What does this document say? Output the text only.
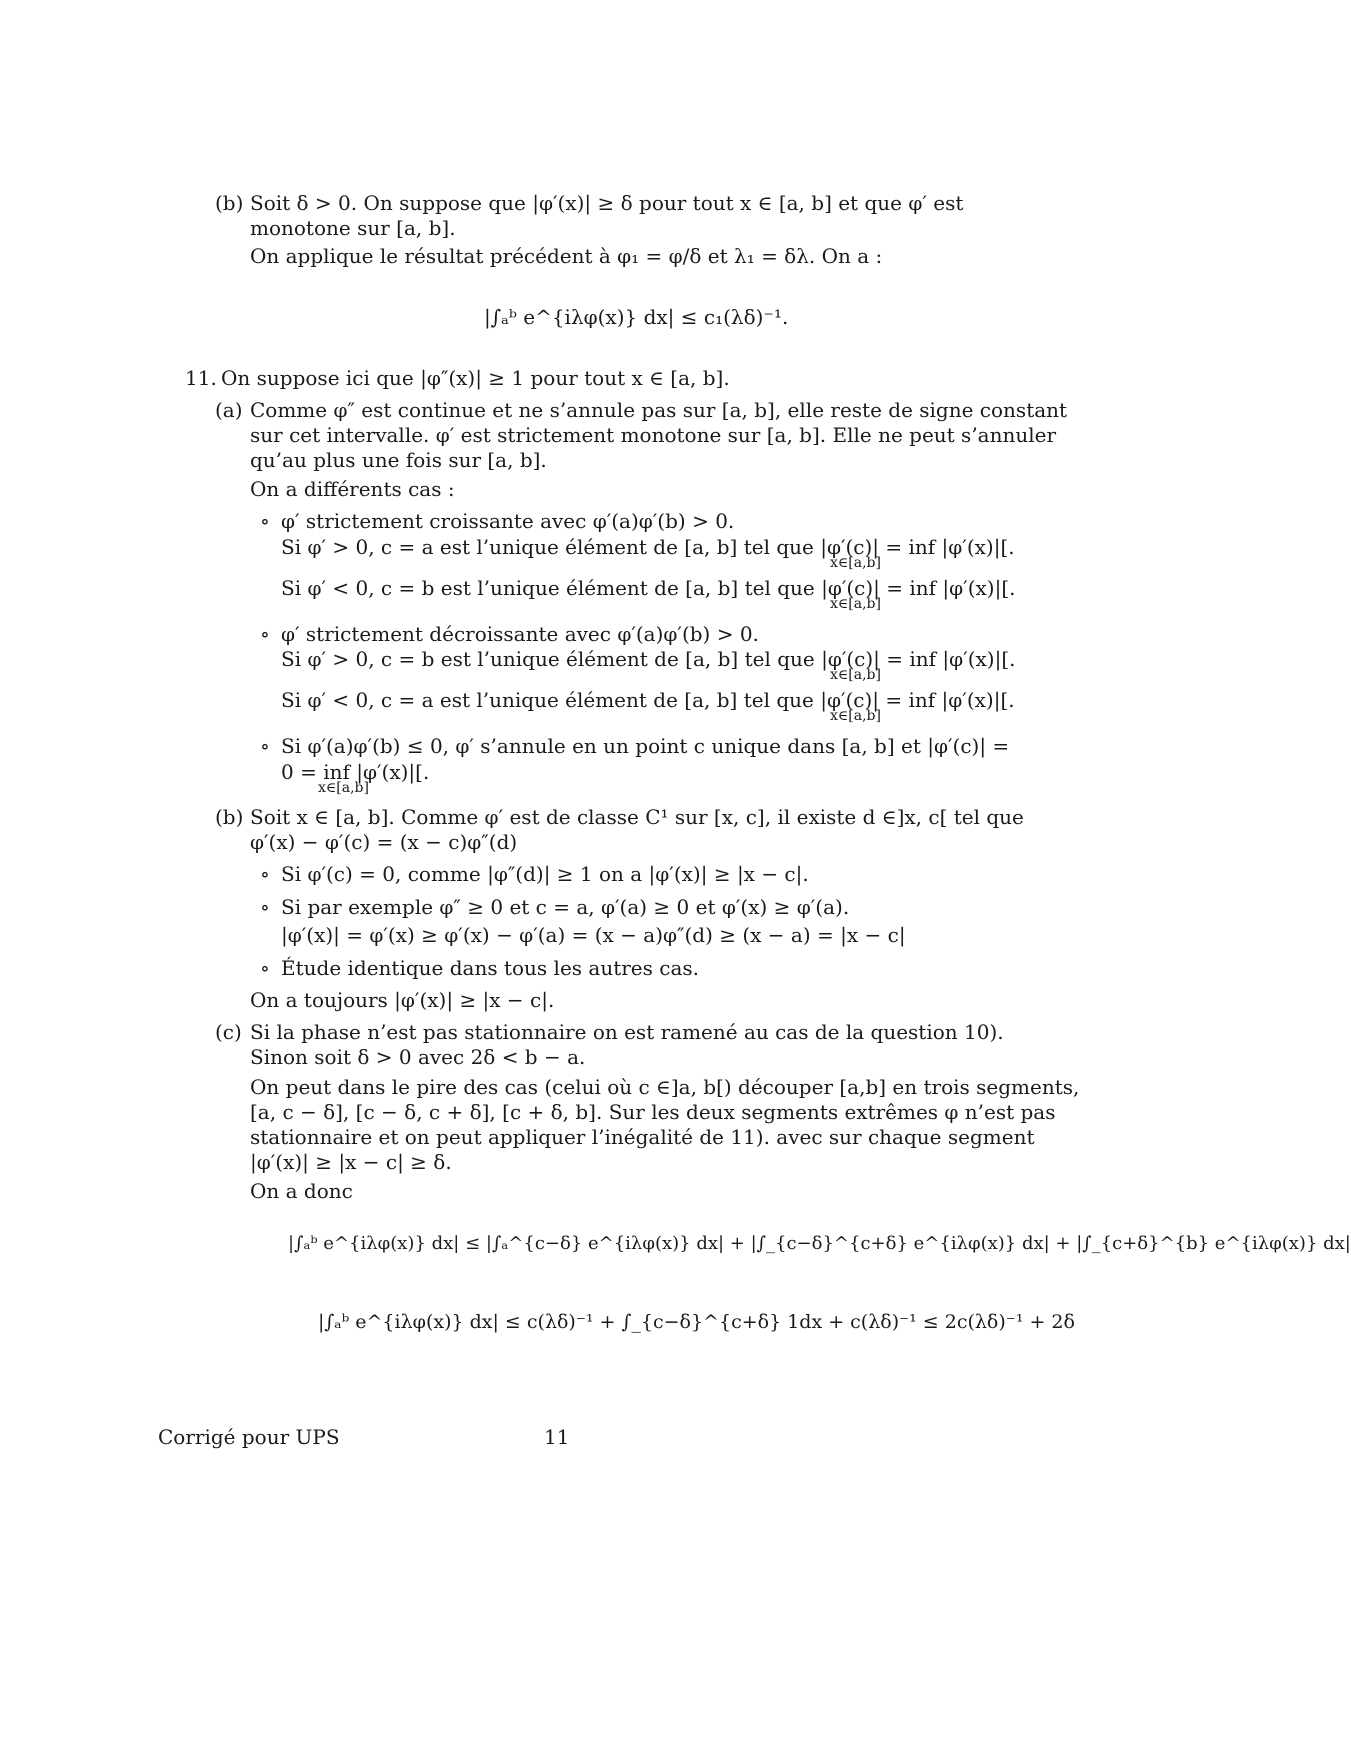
(b) Soit δ > 0. On suppose que |φ′(x)| ≥ δ pour tout x ∈ [a, b] et que φ′ est
monotone sur [a, b].
On applique le résultat précédent à φ₁ = φ/δ et λ₁ = δλ. On a :
|∫ₐᵇ e^{iλφ(x)} dx| ≤ c₁(λδ)⁻¹.
11. On suppose ici que |φ″(x)| ≥ 1 pour tout x ∈ [a, b].
(a) Comme φ″ est continue et ne s’annule pas sur [a, b], elle reste de signe constant
sur cet intervalle. φ′ est strictement monotone sur [a, b]. Elle ne peut s’annuler
qu’au plus une fois sur [a, b].
On a différents cas :
∘ φ′ strictement croissante avec φ′(a)φ′(b) > 0.
Si φ′ > 0, c = a est l’unique élément de [a, b] tel que |φ′(c)| = inf |φ′(x)|[.
x∈[a,b]
Si φ′ < 0, c = b est l’unique élément de [a, b] tel que |φ′(c)| = inf |φ′(x)|[.
x∈[a,b]
∘ φ′ strictement décroissante avec φ′(a)φ′(b) > 0.
Si φ′ > 0, c = b est l’unique élément de [a, b] tel que |φ′(c)| = inf |φ′(x)|[.
x∈[a,b]
Si φ′ < 0, c = a est l’unique élément de [a, b] tel que |φ′(c)| = inf |φ′(x)|[.
x∈[a,b]
∘ Si φ′(a)φ′(b) ≤ 0, φ′ s’annule en un point c unique dans [a, b] et |φ′(c)| =
0 = inf |φ′(x)|[.
x∈[a,b]
(b) Soit x ∈ [a, b]. Comme φ′ est de classe C¹ sur [x, c], il existe d ∈]x, c[ tel que
φ′(x) − φ′(c) = (x − c)φ″(d)
∘ Si φ′(c) = 0, comme |φ″(d)| ≥ 1 on a |φ′(x)| ≥ |x − c|.
∘ Si par exemple φ″ ≥ 0 et c = a, φ′(a) ≥ 0 et φ′(x) ≥ φ′(a).
|φ′(x)| = φ′(x) ≥ φ′(x) − φ′(a) = (x − a)φ″(d) ≥ (x − a) = |x − c|
∘ Étude identique dans tous les autres cas.
On a toujours |φ′(x)| ≥ |x − c|.
(c) Si la phase n’est pas stationnaire on est ramené au cas de la question 10).
Sinon soit δ > 0 avec 2δ < b − a.
On peut dans le pire des cas (celui où c ∈]a, b[) découper [a,b] en trois segments,
[a, c − δ], [c − δ, c + δ], [c + δ, b]. Sur les deux segments extrêmes φ n’est pas
stationnaire et on peut appliquer l’inégalité de 11). avec sur chaque segment
|φ′(x)| ≥ |x − c| ≥ δ.
On a donc
|∫ₐᵇ e^{iλφ(x)} dx| ≤ |∫ₐ^{c−δ} e^{iλφ(x)} dx| + |∫_{c−δ}^{c+δ} e^{iλφ(x)} dx| + |∫_{c+δ}^{b} e^{iλφ(x)} dx|
|∫ₐᵇ e^{iλφ(x)} dx| ≤ c(λδ)⁻¹ + ∫_{c−δ}^{c+δ} 1dx + c(λδ)⁻¹ ≤ 2c(λδ)⁻¹ + 2δ
Corrigé pour UPS	11
